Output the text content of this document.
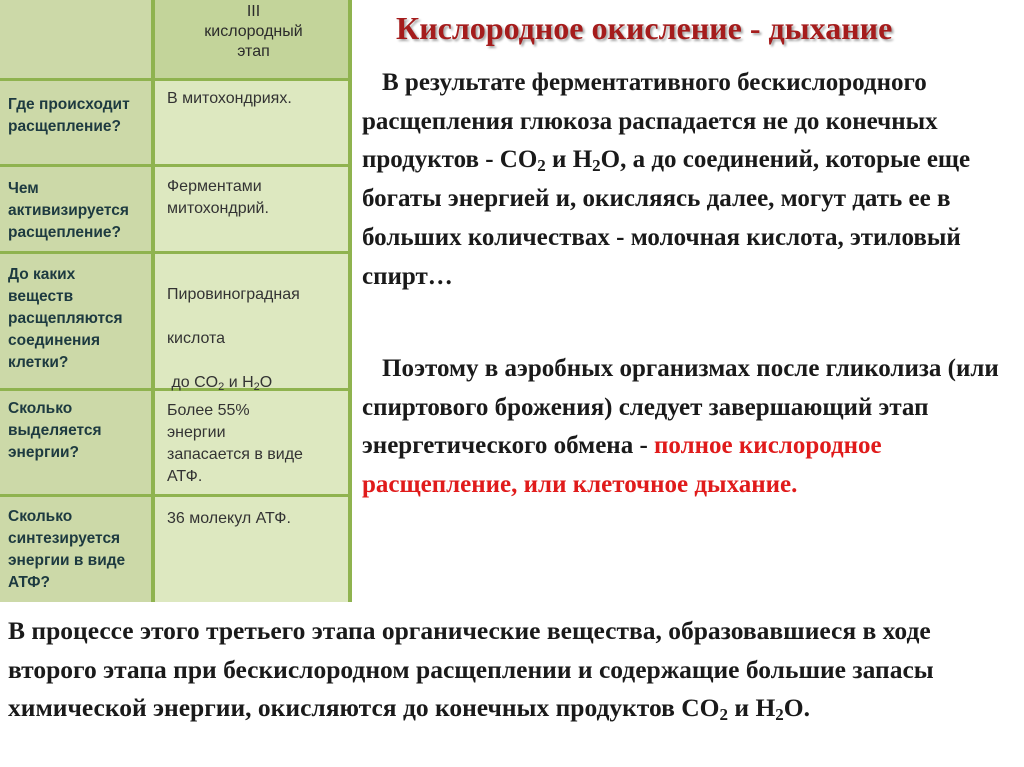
Кислородное окисление - дыхание
III
кислородный
этап
Где происходит
расщепление?
В митохондриях.
Чем
активизируется
расщепление?
Ферментами
митохондрий.
До каких
веществ
расщепляются
соединения
клетки?

Пировиноградная

кислота

до $CO_2$ и $H_2O$

Сколько
выделяется
энергии?
Более 55%
энергии
запасается в виде
АТФ.
Сколько
синтезируется
энергии в виде
АТФ?
36 молекул АТФ.
В результате ферментативного бескислородного расщепления глюкоза распадается не до конечных продуктов - $СО_2$ и $Н_2О$, а до соединений, которые еще богаты энергией и, окисляясь далее, могут дать ее в больших количествах - молочная кислота, этиловый спирт…
Поэтому в аэробных организмах после гликолиза (или спиртового брожения) следует завершающий этап энергетического обмена - полное кислородное расщепление, или клеточное дыхание.
В процессе этого третьего этапа органические вещества, образовавшиеся в ходе второго этапа при бескислородном расщеплении и содержащие большие запасы химической энергии, окисляются до конечных продуктов $СО_2$ и $Н_2О$.
